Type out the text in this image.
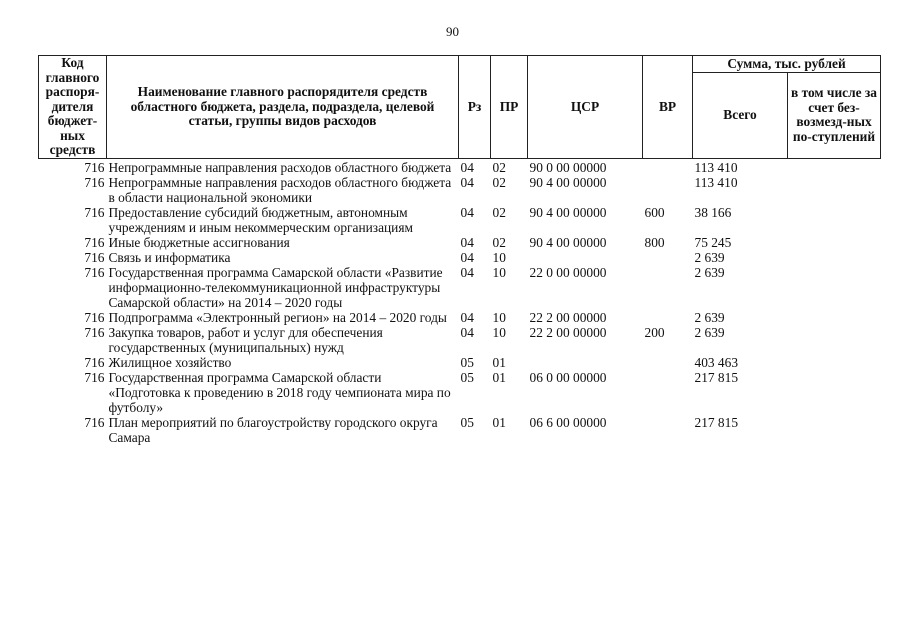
90
Код главного распоря-дителя бюджет-ных средств	Наименование главного распорядителя средств областного бюджета, раздела, подраздела, целевой статьи, группы видов расходов	Рз	ПР	ЦСР	ВР	Сумма, тыс. рублей	
						Всего	в том числе за счет без-возмезд-ных по-ступлений
716	Непрограммные направления расходов областного бюджета	04	02	90 0 00 00000		113 410	
716	Непрограммные направления расходов областного бюджета в области национальной экономики	04	02	90 4 00 00000		113 410	
716	Предоставление субсидий бюджетным, автономным учреждениям и иным некоммерческим организациям	04	02	90 4 00 00000	600	38 166	
716	Иные бюджетные ассигнования	04	02	90 4 00 00000	800	75 245	
716	Связь и информатика	04	10			2 639	
716	Государственная программа Самарской области «Развитие информационно-телекоммуникационной инфраструктуры Самарской области» на 2014 – 2020 годы	04	10	22 0 00 00000		2 639	
716	Подпрограмма «Электронный регион» на 2014 – 2020 годы	04	10	22 2 00 00000		2 639	
716	Закупка товаров, работ и услуг для обеспечения государственных (муниципальных) нужд	04	10	22 2 00 00000	200	2 639	
716	Жилищное хозяйство	05	01			403 463	
716	Государственная программа Самарской области «Подготовка к проведению в 2018 году чемпионата мира по футболу»	05	01	06 0 00 00000		217 815	
716	План мероприятий по благоустройству городского округа Самара	05	01	06 6 00 00000		217 815	
